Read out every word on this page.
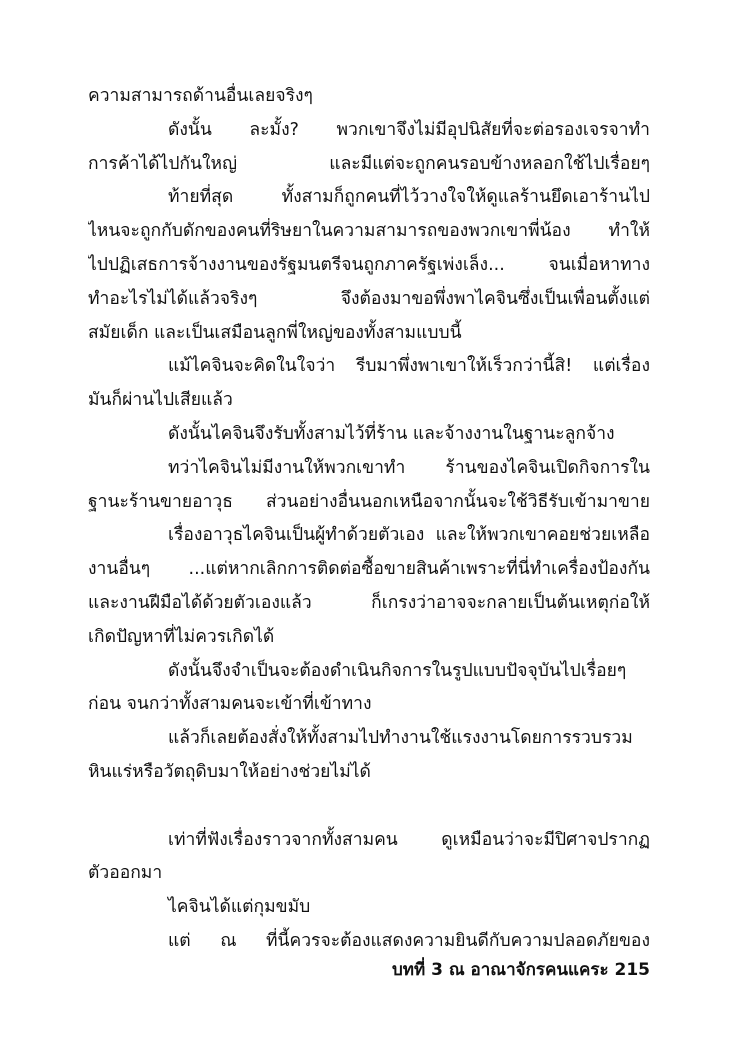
ความสามารถด้านอื่นเลยจริงๆ
ดังนั้น ละมั้ง? พวกเขาจึงไม่มีอุปนิสัยที่จะต่อรองเจรจาทำ
การค้าได้ไปกันใหญ่ และมีแต่จะถูกคนรอบข้างหลอกใช้ไปเรื่อยๆ
ท้ายที่สุด ทั้งสามก็ถูกคนที่ไว้วางใจให้ดูแลร้านยึดเอาร้านไป
ไหนจะถูกกับดักของคนที่ริษยาในความสามารถของพวกเขาพี่น้อง ทำให้
ไปปฏิเสธการจ้างงานของรัฐมนตรีจนถูกภาครัฐเพ่งเล็ง... จนเมื่อหาทาง
ทำอะไรไม่ได้แล้วจริงๆ จึงต้องมาขอพึ่งพาไคจินซึ่งเป็นเพื่อนตั้งแต่
สมัยเด็ก และเป็นเสมือนลูกพี่ใหญ่ของทั้งสามแบบนี้
แม้ไคจินจะคิดในใจว่า รีบมาพึ่งพาเขาให้เร็วกว่านี้สิ! แต่เรื่อง
มันก็ผ่านไปเสียแล้ว
ดังนั้นไคจินจึงรับทั้งสามไว้ที่ร้าน และจ้างงานในฐานะลูกจ้าง
ทว่าไคจินไม่มีงานให้พวกเขาทำ ร้านของไคจินเปิดกิจการใน
ฐานะร้านขายอาวุธ ส่วนอย่างอื่นนอกเหนือจากนั้นจะใช้วิธีรับเข้ามาขาย
เรื่องอาวุธไคจินเป็นผู้ทำด้วยตัวเอง และให้พวกเขาคอยช่วยเหลือ
งานอื่นๆ ...แต่หากเลิกการติดต่อซื้อขายสินค้าเพราะที่นี่ทำเครื่องป้องกัน
และงานฝีมือได้ด้วยตัวเองแล้ว ก็เกรงว่าอาจจะกลายเป็นต้นเหตุก่อให้
เกิดปัญหาที่ไม่ควรเกิดได้
ดังนั้นจึงจำเป็นจะต้องดำเนินกิจการในรูปแบบปัจจุบันไปเรื่อยๆ
ก่อน จนกว่าทั้งสามคนจะเข้าที่เข้าทาง
แล้วก็เลยต้องสั่งให้ทั้งสามไปทำงานใช้แรงงานโดยการรวบรวม
หินแร่หรือวัตถุดิบมาให้อย่างช่วยไม่ได้
เท่าที่ฟังเรื่องราวจากทั้งสามคน ดูเหมือนว่าจะมีปิศาจปรากฏ
ตัวออกมา
ไคจินได้แต่กุมขมับ
แต่ ณ ที่นี้ควรจะต้องแสดงความยินดีกับความปลอดภัยของ
บทที่ 3 ณ อาณาจักรคนแคระ 215
